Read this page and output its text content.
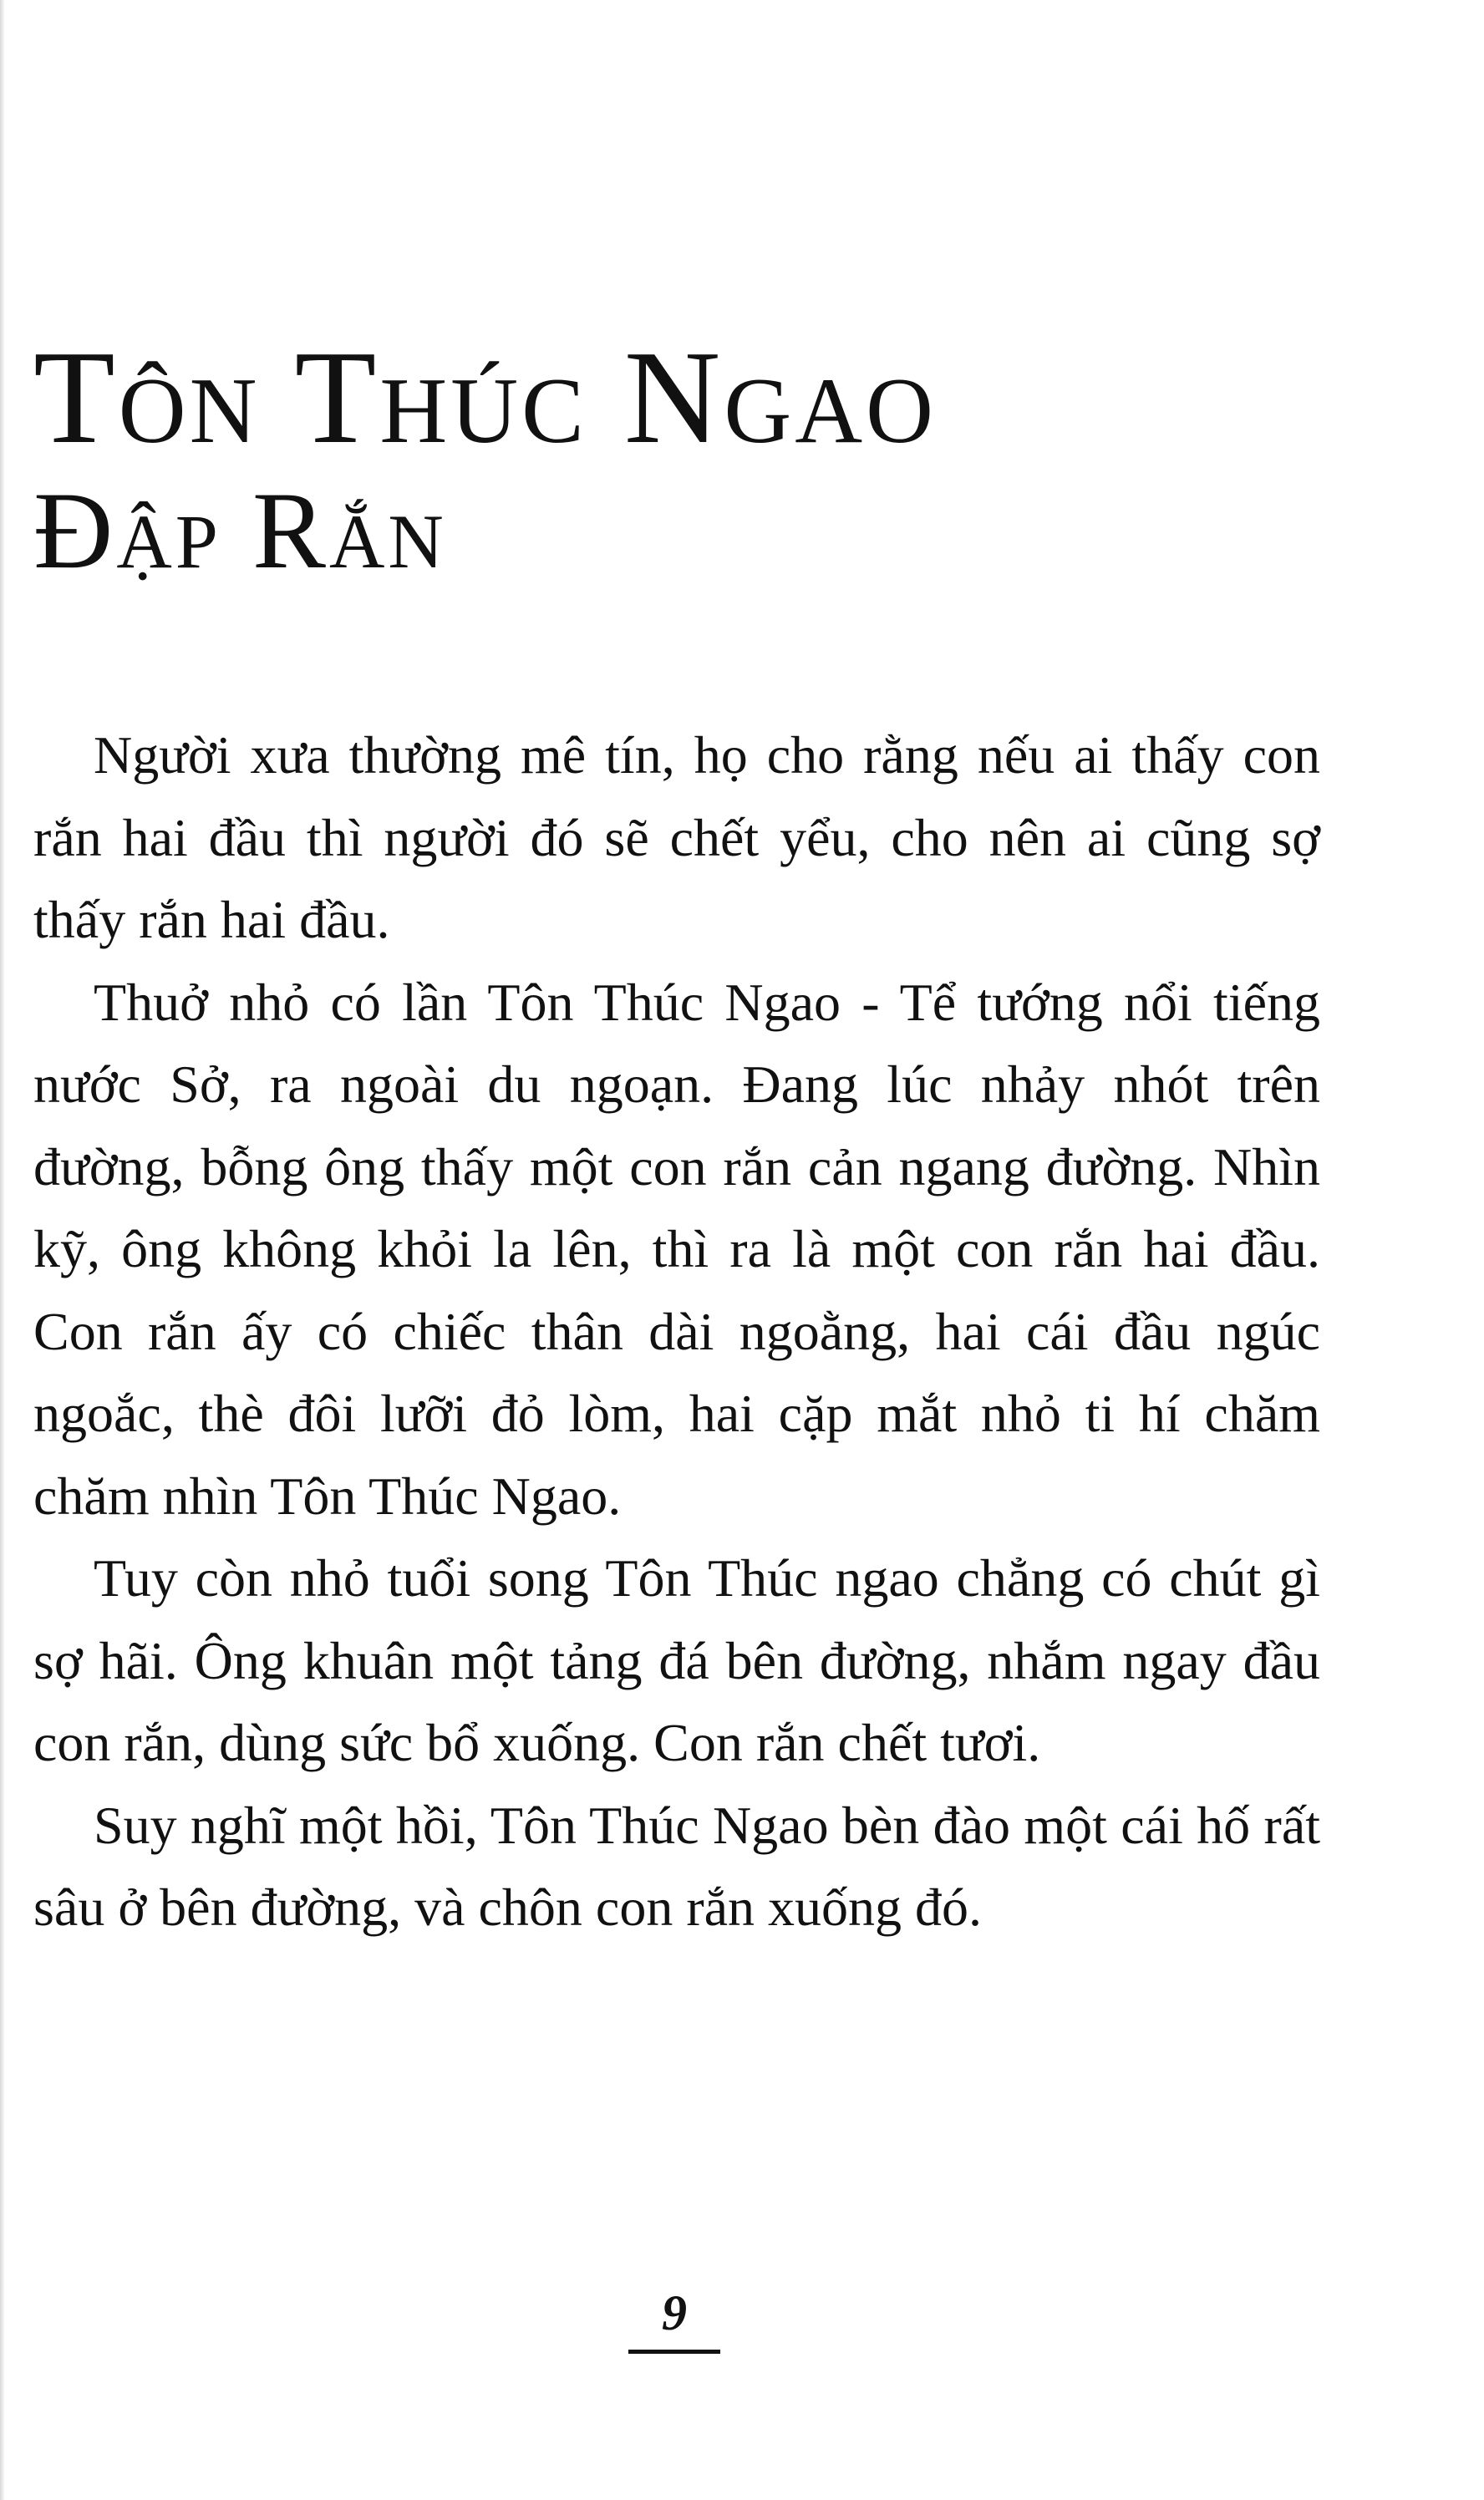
Tôn Thúc Ngao
Đập Rắn

Người xưa thường mê tín, họ cho rằng nếu ai thấy con rắn hai đầu thì người đó sẽ chết yểu, cho nên ai cũng sợ thấy rắn hai đầu.

Thuở nhỏ có lần Tôn Thúc Ngao - Tể tướng nổi tiếng nước Sở, ra ngoài du ngoạn. Đang lúc nhảy nhót trên đường, bỗng ông thấy một con rắn cản ngang đường. Nhìn kỹ, ông không khỏi la lên, thì ra là một con rắn hai đầu. Con rắn ấy có chiếc thân dài ngoằng, hai cái đầu ngúc ngoắc, thè đôi lưỡi đỏ lòm, hai cặp mắt nhỏ ti hí chăm chăm nhìn Tôn Thúc Ngao.

Tuy còn nhỏ tuổi song Tôn Thúc ngao chẳng có chút gì sợ hãi. Ông khuân một tảng đá bên đường, nhắm ngay đầu con rắn, dùng sức bổ xuống. Con rắn chết tươi.

Suy nghĩ một hồi, Tôn Thúc Ngao bèn đào một cái hố rất sâu ở bên đường, và chôn con rắn xuống đó.

9
